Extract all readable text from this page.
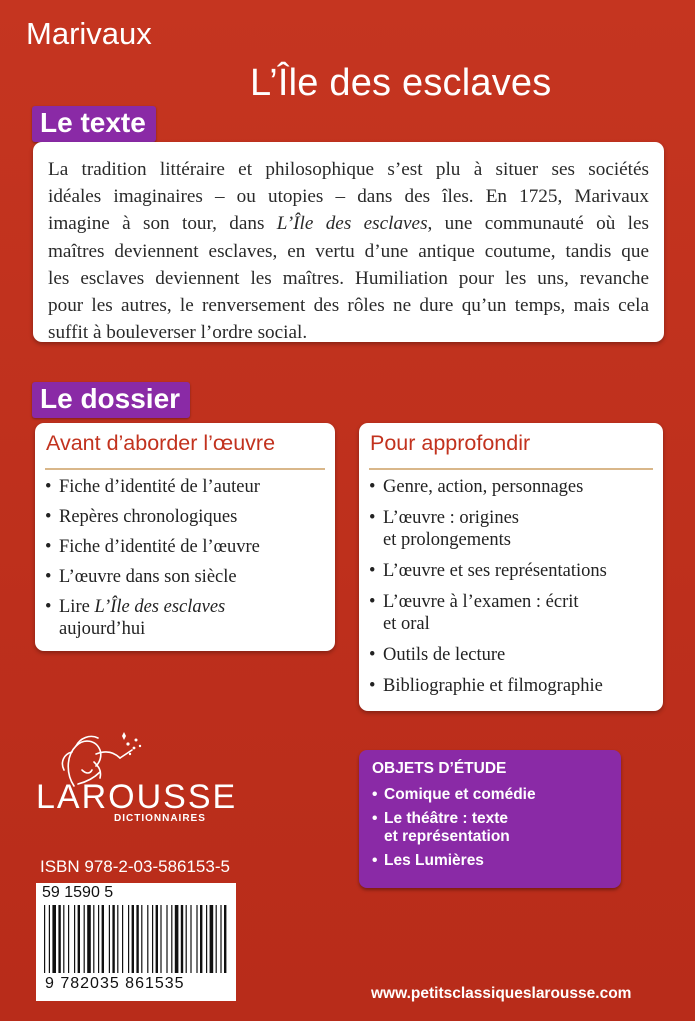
Marivaux
L’Île des esclaves
Le texte

La tradition littéraire et philosophique s’est plu à situer ses sociétés
idéales imaginaires – ou utopies – dans des îles. En 1725, Marivaux
imagine à son tour, dans L’Île des esclaves, une communauté où les
maîtres deviennent esclaves, en vertu d’une antique coutume, tandis que
les esclaves deviennent les maîtres. Humiliation pour les uns, revanche
pour les autres, le renversement des rôles ne dure qu’un temps, mais cela
suffit à bouleverser l’ordre social.

Le dossier
Avant d’aborder l’œuvre
• Fiche d’identité de l’auteur
• Repères chronologiques
• Fiche d’identité de l’œuvre
• L’œuvre dans son siècle
• Lire L’Île des esclaves
aujourd’hui
Pour approfondir
• Genre, action, personnages
• L’œuvre : origines
et prolongements
• L’œuvre et ses représentations
• L’œuvre à l’examen : écrit
et oral
• Outils de lecture
• Bibliographie et filmographie
LAROUSSE
DICTIONNAIRES
ISBN 978-2-03-586153-5
59 1590 5
9 782035 861535
OBJETS D’ÉTUDE
• Comique et comédie
• Le théâtre : texte
et représentation
• Les Lumières
www.petitsclassiqueslarousse.com
